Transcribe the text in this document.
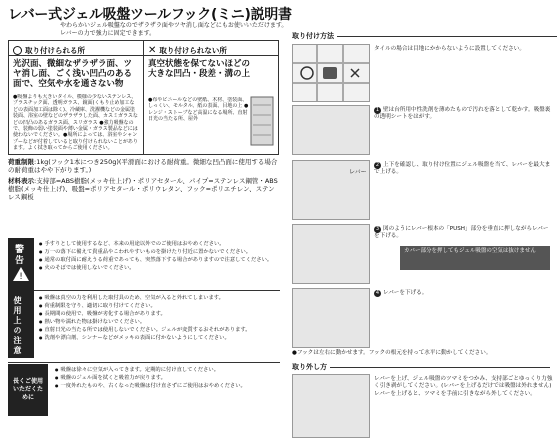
レバー式ジェル吸盤ツールフック(ミニ)説明書
やわらかいジェル吸盤なのでザラザラ面やツヤ消し面などにもお使いいただけます。レバーの力で強力に固定できます。
取り付けられる所
光沢面、微細なザラザラ面、ツヤ消し面、ごく浅い凹凸のある面で、空気や水を通さない物
●吸盤よりも大きいタイル、模様の少ないステンレス、プラスチック面、透明ガラス、鏡面(くもり止め加工などの表面加工面は除く)、冷蔵庫、洗濯機などの金属塗装面、浴室の壁などのザラザラした面、カスミガラスなどの凹凸のあるガラス面、スリガラス ●強力吸盤なので、装飾の弱い塗装面や薄い金属・ガラス製品などには使わないでください。●場所によっては、浴室やシャンプーなどが付着していると取り付けられないことがあります。よく拭き取ってからご使用ください。
✕ 取り付けられない所
真空状態を保てないほどの大きな凹凸・段差・溝の上
●布やビニールなどの壁紙、木材、塗装面、しっくい、モルタル、紙の表面、目地の上 ●レンジ・ストーブなど高温になる場所、直射日光の当たる所、屋外
荷重制限:1kg(フック1本につき250g)(平滑面における耐荷重。微細な凹凸面に使用する場合の耐荷重はやや下がります。)
材料表示:支持部=ABS樹脂(メッキ仕上げ)・ポリアセタール、パイプ=ステンレス鋼管・ABS樹脂(メッキ仕上げ)、吸盤=ポリアセタール・ポリウレタン、フック=ポリエチレン、ステンレス鋼板
!
警告
使用上の注意
● 手すりとして使用するなど、本来の用途以外でのご使用はおやめください。
● 万一の落下に備えて貴重品やこわれやすいものを掛けたり付近に置かないでください。
● 通常の取付面に耐えうる荷重であっても、突然落下する場合がありますので注意してください。
● 火のそばでは使用しないでください。
● 吸盤は真空の力を利用した取付具のため、空気が入ると外れてしまいます。
● 荷重制限を守り、適切に取り付けてください。
● 長期間の使用で、吸盤が劣化する場合があります。
● 熱い物や濡れた物は掛けないでください。
● 直射日光の当たる所では使用しないでください。ジェルが変質するおそれがあります。
● 洗剤や漂白剤、シンナーなどがメッキの表面に付かないようにしてください。
長くご使用いただくために
● 吸盤は徐々に空気が入ってきます。定期的に付け直してください。
● 吸盤のジェル面を拭くと吸着力が戻ります。
● 一度外れたものや、古くなった吸盤は付け直さずにご使用はおやめください。
取り付け方法
タイルの場合は目地にかからないように設置してください。
1 壁は台所用中性洗剤を薄めたもので汚れを落として乾かす。吸盤裏の透明シートをはがす。
レバー
2 上下を確認し、取り付け位置にジェル吸盤を当て、レバーを最大まで上げる。
3 図のようにレバー根本の「PUSH」部分を垂直に押しながらレバーを下げる。
カバー部分を押してもジェル吸盤の空気は抜けません
4 レバーを下げる。
●フックは左右に動かせます。フックの根元を持って水平に動かしてください。
取り外し方
レバーを上げ、ジェル吸盤のツマミをつかみ、支持部ごとゆっくり力強く引き剥がしてください。(レバーを上げるだけでは吸盤は外れません)レバーを上げると、ツマミを手前に引きながら外してください。
